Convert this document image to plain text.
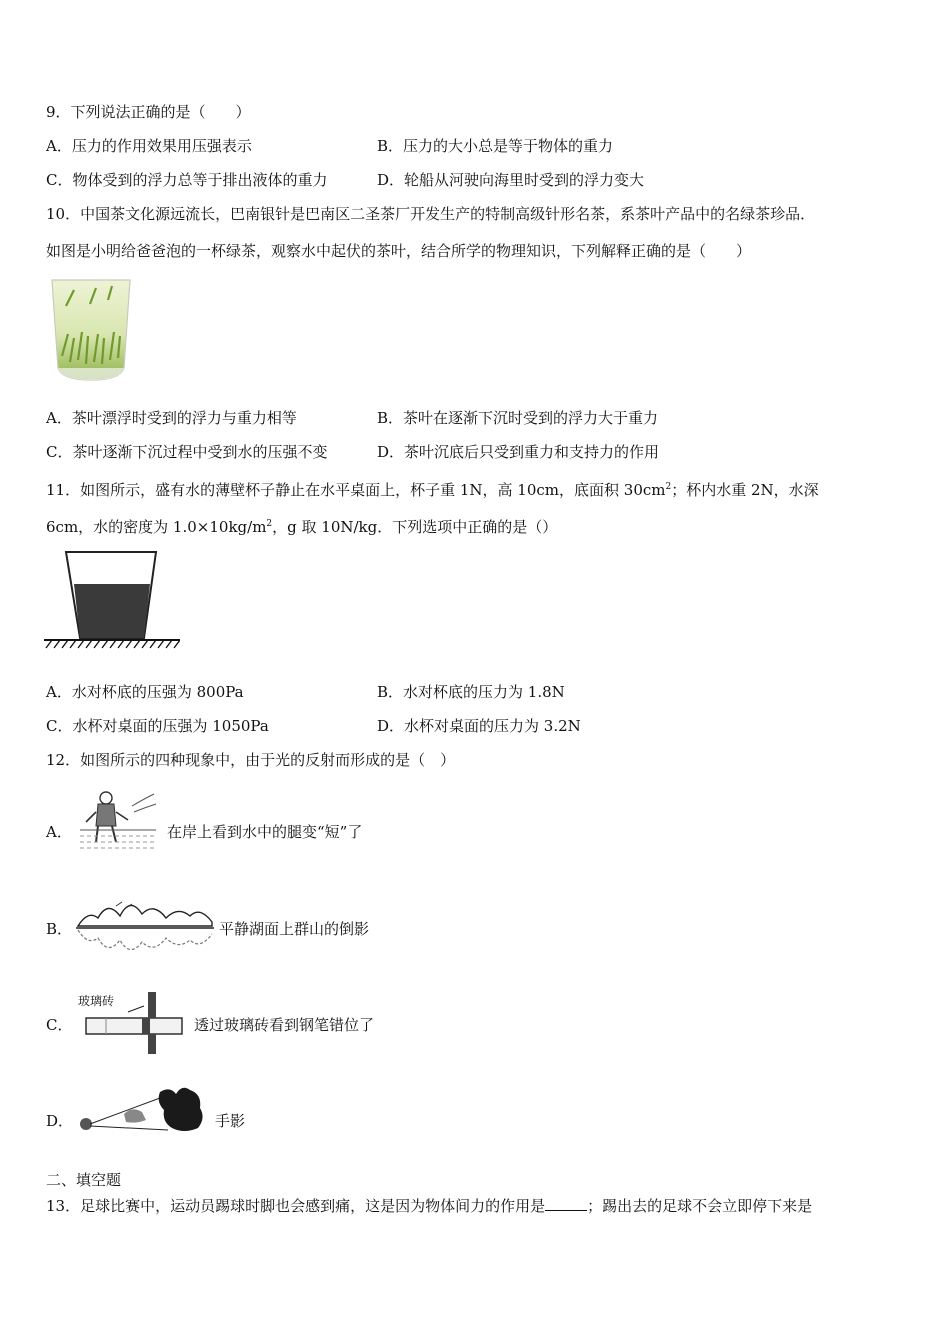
9．下列说法正确的是（　　）
A．压力的作用效果用压强表示	B．压力的大小总是等于物体的重力
C．物体受到的浮力总等于排出液体的重力	D．轮船从河驶向海里时受到的浮力变大
10．中国茶文化源远流长，巴南银针是巴南区二圣茶厂开发生产的特制高级针形名茶，系茶叶产品中的名绿茶珍品．
如图是小明给爸爸泡的一杯绿茶，观察水中起伏的茶叶，结合所学的物理知识，下列解释正确的是（　　）
A．茶叶漂浮时受到的浮力与重力相等	B．茶叶在逐渐下沉时受到的浮力大于重力
C．茶叶逐渐下沉过程中受到水的压强不变	D．茶叶沉底后只受到重力和支持力的作用
11．如图所示，盛有水的薄壁杯子静止在水平桌面上，杯子重 1N，高 10cm，底面积 $30cm^2$；杯内水重 2N，水深
6cm，水的密度为 $1.0\times 10kg/m^2$，g 取 10N/kg．下列选项中正确的是（）
A．水对杯底的压强为 800Pa	B．水对杯底的压力为 1.8N
C．水杯对桌面的压强为 1050Pa	D．水杯对桌面的压力为 3.2N
12．如图所示的四种现象中，由于光的反射而形成的是（　）
A．	在岸上看到水中的腿变“短”了
B．	平静湖面上群山的倒影
C．
玻璃砖
透过玻璃砖看到钢笔错位了
D．	手影
二、填空题
13．足球比赛中，运动员踢球时脚也会感到痛，这是因为物体间力的作用是	；踢出去的足球不会立即停下来是
